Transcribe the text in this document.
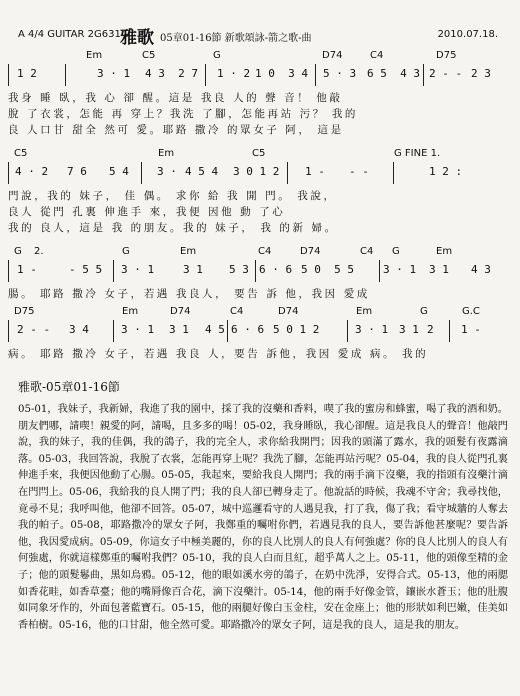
A 4/4 GUITAR 2G631 雅歌 05章01-16節 新歌頌詠-箭之歌-曲	2010.07.18.
Em	C5	G	D74	C4	D75
1 2	3 · 1 4 3  2 7 1 · 2 1 0  3 4 5 · 3 6 5  4 3 2 - - 2 3
我身 睡 臥，我 心 卻 醒。這是 我良 人的 聲 音！ 他敲
脫 了衣裳，怎能 再 穿上？我洗 了腳，怎能再站 污？ 我的
良 人口甘 甜全 然可 愛。耶路 撒冷 的眾女子 阿， 這是
C5	Em	C5	G FINE 1.
4 · 2 7 6 5 4	3 · 4 5 4 3 0 1 2 1 - - -	1 2 :
門說，我的 妹子， 佳 偶。 求你 給 我 開 門。 我說，
良人 從門 孔裏 伸進手 來，我便 因他 動 了心
我的 良人，這是 我 的朋友。我的 妹子， 我 的新 婦。
G 2.	G	Em	C4	D74	C4 G	Em
1 -	- 5 5 3 · 1	3 1 5 3 6 · 6 5 0  5 5	3 · 1 3 1 4 3
腸。 耶路 撒冷 女子，若遇 我良人， 要告 訴 他，我因 愛成
D75	Em	D74	C4	D74	Em	G	G.C
2 - - 3 4	3 · 1 3 1 4 5 6 · 6 5 0 1 2	3 · 1 3 1 2 1 -
病。 耶路 撒冷 女子，若遇 我良 人，要告 訴他，我因 愛成 病。 我的
雅歌-05章01-16節

05-01，我妹子，我新婦，我進了我的園中，採了我的沒藥和香料，喫了我的蜜房和蜂蜜，喝了我的酒和奶。朋友們哪，請喫！親愛的阿，請喝，且多多的喝！05-02，我身睡臥，我心卻醒。這是我良人的聲音！他敲門說，我的妹子，我的佳偶，我的鴿子，我的完全人，求你給我開門；因我的頭滿了露水，我的頭髮有夜露滴落。05-03，我回答說，我脫了衣裳，怎能再穿上呢？我洗了腳，怎能再站污呢？05-04，我的良人從門孔裏伸進手來，我便因他動了心腸。05-05，我起來，要給我良人開門；我的兩手滴下沒藥，我的指頭有沒藥汁滴在門閂上。05-06，我給我的良人開了門；我的良人卻已轉身走了。他說話的時候，我魂不守舍；我尋找他，竟尋不見；我呼叫他，他卻不回答。05-07，城中巡邏看守的人遇見我，打了我，傷了我；看守城牆的人奪去我的帕子。05-08，耶路撒冷的眾女子阿，我鄭重的囑咐你們，若遇見我的良人，要告訴他甚麼呢？要告訴他，我因愛成病。05-09，你這女子中極美麗的，你的良人比別人的良人有何強處？你的良人比別人的良人有何強處，你就這樣鄭重的囑咐我們？05-10，我的良人白而且紅，超乎萬人之上。05-11，他的頭像至精的金子；他的頭髮鬈曲，黑如烏鴉。05-12，他的眼如溪水旁的鴿子，在奶中洗淨，安得合式。05-13，他的兩腮如香花畦，如香草臺；他的嘴脣像百合花，滴下沒藥汁。05-14，他的兩手好像金管，鑲嵌水蒼玉；他的肚腹如同象牙作的，外面包著藍寶石。05-15，他的兩腿好像白玉金柱，安在金座上；他的形狀如利巴嫩，佳美如香柏樹。05-16，他的口甘甜，他全然可愛。耶路撒冷的眾女子阿，這是我的良人，這是我的朋友。
